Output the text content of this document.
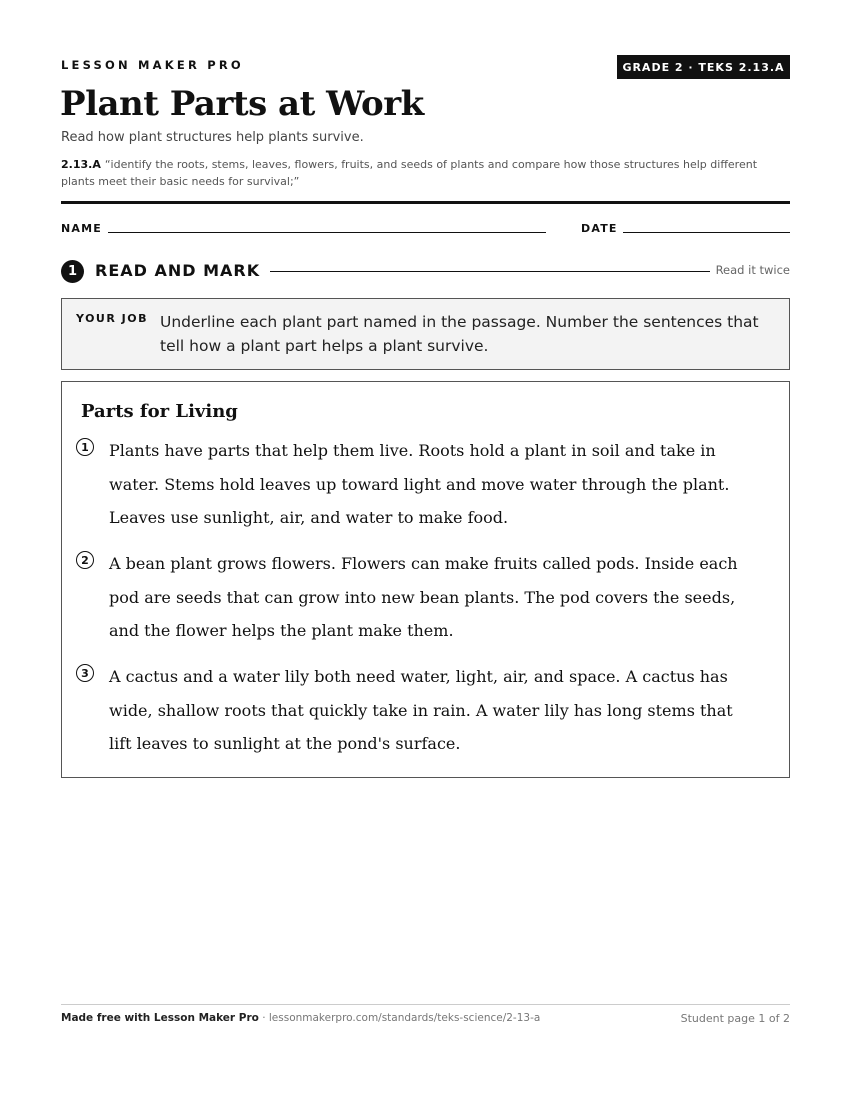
LESSON MAKER PRO	GRADE 2 · TEKS 2.13.A
Plant Parts at Work
Read how plant structures help plants survive.
2.13.A “identify the roots, stems, leaves, flowers, fruits, and seeds of plants and compare how those structures help different plants meet their basic needs for survival;”
NAME	DATE
1	READ AND MARK	Read it twice
YOUR JOB Underline each plant part named in the passage. Number the sentences that tell how a plant part helps a plant survive.
Parts for Living
1	Plants have parts that help them live. Roots hold a plant in soil and take in water. Stems hold leaves up toward light and move water through the plant. Leaves use sunlight, air, and water to make food.
2	A bean plant grows flowers. Flowers can make fruits called pods. Inside each pod are seeds that can grow into new bean plants. The pod covers the seeds, and the flower helps the plant make them.
3	A cactus and a water lily both need water, light, air, and space. A cactus has wide, shallow roots that quickly take in rain. A water lily has long stems that lift leaves to sunlight at the pond's surface.
Made free with Lesson Maker Pro · lessonmakerpro.com/standards/teks-science/2-13-a	Student page 1 of 2
